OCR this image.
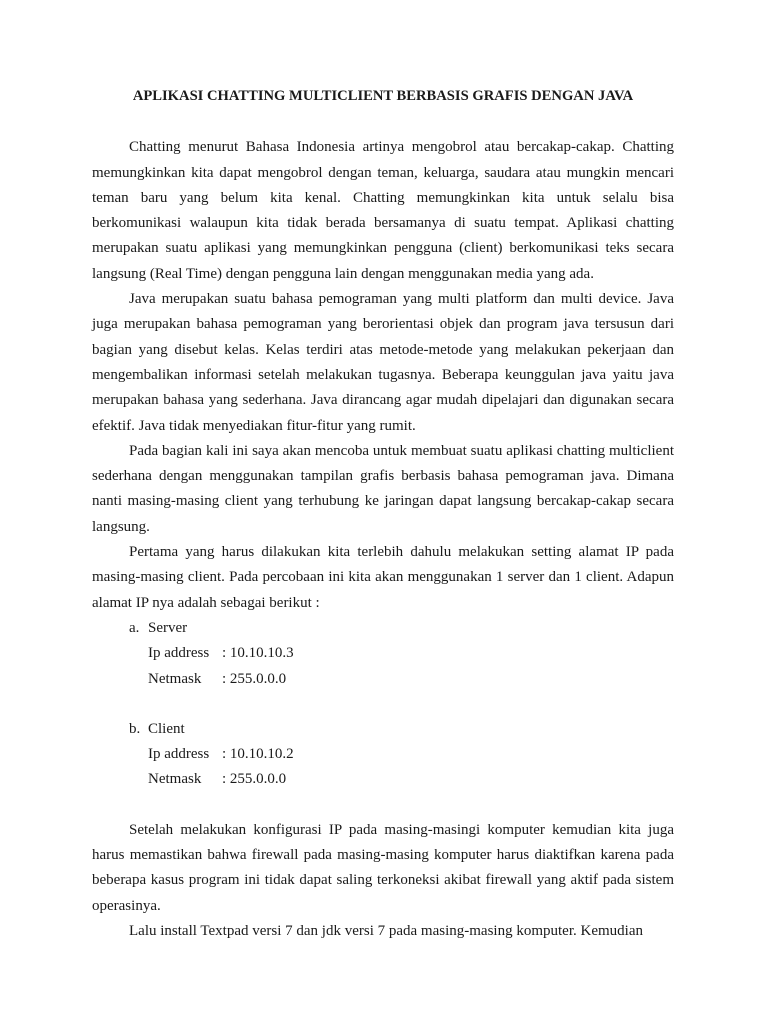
APLIKASI CHATTING MULTICLIENT BERBASIS GRAFIS DENGAN JAVA

Chatting menurut Bahasa Indonesia artinya mengobrol atau bercakap-cakap. Chatting memungkinkan kita dapat mengobrol dengan teman, keluarga, saudara atau mungkin mencari teman baru yang belum kita kenal. Chatting memungkinkan kita untuk selalu bisa berkomunikasi walaupun kita tidak berada bersamanya di suatu tempat. Aplikasi chatting merupakan suatu aplikasi yang memungkinkan pengguna (client) berkomunikasi teks secara langsung (Real Time) dengan pengguna lain dengan menggunakan media yang ada.

Java merupakan suatu bahasa pemograman yang multi platform dan multi device. Java juga merupakan bahasa pemograman yang berorientasi objek dan program java tersusun dari bagian yang disebut kelas. Kelas terdiri atas metode-metode yang melakukan pekerjaan dan mengembalikan informasi setelah melakukan tugasnya. Beberapa keunggulan java yaitu java merupakan bahasa yang sederhana. Java dirancang agar mudah dipelajari dan digunakan secara efektif. Java tidak menyediakan fitur-fitur yang rumit.

Pada bagian kali ini saya akan mencoba untuk membuat suatu aplikasi chatting multiclient sederhana dengan menggunakan tampilan grafis berbasis bahasa pemograman java. Dimana nanti masing-masing client yang terhubung ke jaringan dapat langsung bercakap-cakap secara langsung.

Pertama yang harus dilakukan kita terlebih dahulu melakukan setting alamat IP pada masing-masing client. Pada percobaan ini kita akan menggunakan 1 server dan 1 client. Adapun alamat IP nya adalah sebagai berikut :

a. Server
Ip address : 10.10.10.3
Netmask : 255.0.0.0
b. Client
Ip address : 10.10.10.2
Netmask : 255.0.0.0

Setelah melakukan konfigurasi IP pada masing-masingi komputer kemudian kita juga harus memastikan bahwa firewall pada masing-masing komputer harus diaktifkan karena pada beberapa kasus program ini tidak dapat saling terkoneksi akibat firewall yang aktif pada sistem operasinya.

Lalu install Textpad versi 7 dan jdk versi 7 pada masing-masing komputer. Kemudian
